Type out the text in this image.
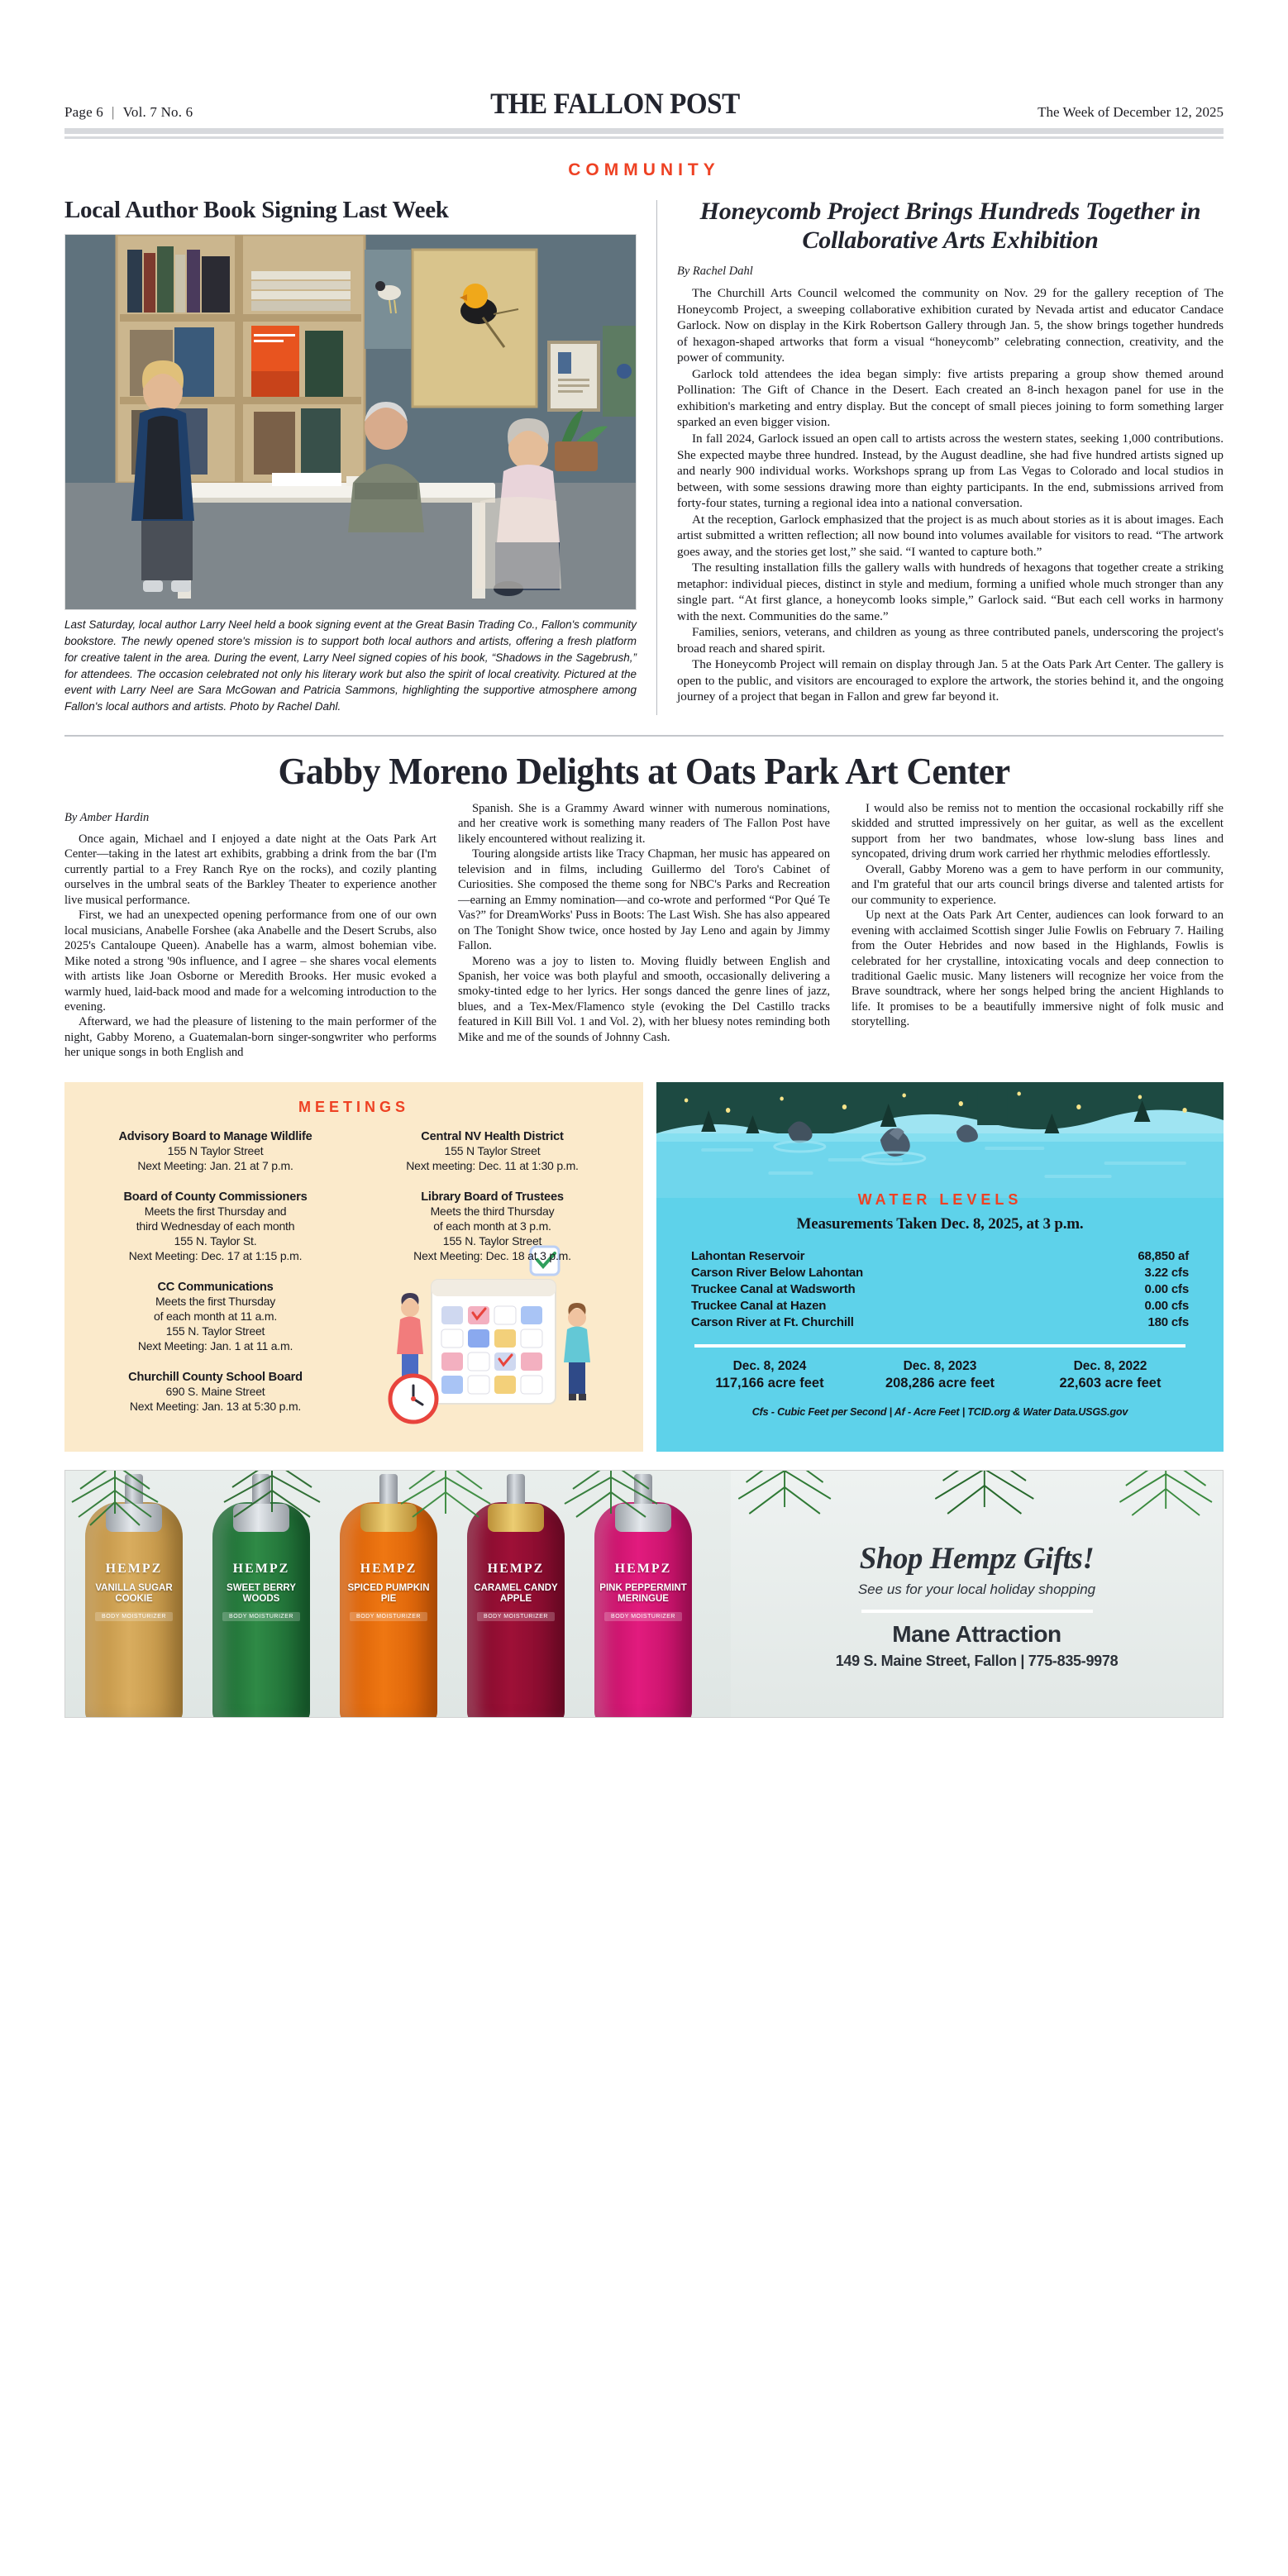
Page 6 | Vol. 7 No. 6	THE FALLON POST	The Week of December 12, 2025
COMMUNITY
Local Author Book Signing Last Week
Last Saturday, local author Larry Neel held a book signing event at the Great Basin Trading Co., Fallon's community bookstore. The newly opened store's mission is to support both local authors and artists, offering a fresh platform for creative talent in the area. During the event, Larry Neel signed copies of his book, “Shadows in the Sagebrush,” for attendees. The occasion celebrated not only his literary work but also the spirit of local creativity. Pictured at the event with Larry Neel are Sara McGowan and Patricia Sammons, highlighting the supportive atmosphere among Fallon's local authors and artists. Photo by Rachel Dahl.
Honeycomb Project Brings Hundreds Together in Collaborative Arts Exhibition
By Rachel Dahl

The Churchill Arts Council welcomed the community on Nov. 29 for the gallery reception of The Honeycomb Project, a sweeping collaborative exhibition curated by Nevada artist and educator Candace Garlock. Now on display in the Kirk Robertson Gallery through Jan. 5, the show brings together hundreds of hexagon-shaped artworks that form a visual “honeycomb” celebrating connection, creativity, and the power of community.

Garlock told attendees the idea began simply: five artists preparing a group show themed around Pollination: The Gift of Chance in the Desert. Each created an 8-inch hexagon panel for use in the exhibition's marketing and entry display. But the concept of small pieces joining to form something larger sparked an even bigger vision.

In fall 2024, Garlock issued an open call to artists across the western states, seeking 1,000 contributions. She expected maybe three hundred. Instead, by the August deadline, she had five hundred artists signed up and nearly 900 individual works. Workshops sprang up from Las Vegas to Colorado and local studios in between, with some sessions drawing more than eighty participants. In the end, submissions arrived from forty-four states, turning a regional idea into a national conversation.

At the reception, Garlock emphasized that the project is as much about stories as it is about images. Each artist submitted a written reflection; all now bound into volumes available for visitors to read. “The artwork goes away, and the stories get lost,” she said. “I wanted to capture both.”

The resulting installation fills the gallery walls with hundreds of hexagons that together create a striking metaphor: individual pieces, distinct in style and medium, forming a unified whole much stronger than any single part. “At first glance, a honeycomb looks simple,” Garlock said. “But each cell works in harmony with the next. Communities do the same.”

Families, seniors, veterans, and children as young as three contributed panels, underscoring the project's broad reach and shared spirit.

The Honeycomb Project will remain on display through Jan. 5 at the Oats Park Art Center. The gallery is open to the public, and visitors are encouraged to explore the artwork, the stories behind it, and the ongoing journey of a project that began in Fallon and grew far beyond it.

Gabby Moreno Delights at Oats Park Art Center
By Amber Hardin

Once again, Michael and I enjoyed a date night at the Oats Park Art Center—taking in the latest art exhibits, grabbing a drink from the bar (I'm currently partial to a Frey Ranch Rye on the rocks), and cozily planting ourselves in the umbral seats of the Barkley Theater to experience another live musical performance.

First, we had an unexpected opening performance from one of our own local musicians, Anabelle Forshee (aka Anabelle and the Desert Scrubs, also 2025's Cantaloupe Queen). Anabelle has a warm, almost bohemian vibe. Mike noted a strong '90s influence, and I agree – she shares vocal elements with artists like Joan Osborne or Meredith Brooks. Her music evoked a warmly hued, laid-back mood and made for a welcoming introduction to the evening.

Afterward, we had the pleasure of listening to the main performer of the night, Gabby Moreno, a Guatemalan-born singer-songwriter who performs her unique songs in both English and

Spanish. She is a Grammy Award winner with numerous nominations, and her creative work is something many readers of The Fallon Post have likely encountered without realizing it.

Touring alongside artists like Tracy Chapman, her music has appeared on television and in films, including Guillermo del Toro's Cabinet of Curiosities. She composed the theme song for NBC's Parks and Recreation—earning an Emmy nomination—and co-wrote and performed “Por Qué Te Vas?” for DreamWorks' Puss in Boots: The Last Wish. She has also appeared on The Tonight Show twice, once hosted by Jay Leno and again by Jimmy Fallon.

Moreno was a joy to listen to. Moving fluidly between English and Spanish, her voice was both playful and smooth, occasionally delivering a smoky-tinted edge to her lyrics. Her songs danced the genre lines of jazz, blues, and a Tex-Mex/Flamenco style (evoking the Del Castillo tracks featured in Kill Bill Vol. 1 and Vol. 2), with her bluesy notes reminding both Mike and me of the sounds of Johnny Cash.

I would also be remiss not to mention the occasional rockabilly riff she skidded and strutted impressively on her guitar, as well as the excellent support from her two bandmates, whose low-slung bass lines and syncopated, driving drum work carried her rhythmic melodies effortlessly.

Overall, Gabby Moreno was a gem to have perform in our community, and I'm grateful that our arts council brings diverse and talented artists for our community to experience.

Up next at the Oats Park Art Center, audiences can look forward to an evening with acclaimed Scottish singer Julie Fowlis on February 7. Hailing from the Outer Hebrides and now based in the Highlands, Fowlis is celebrated for her crystalline, intoxicating vocals and deep connection to traditional Gaelic music. Many listeners will recognize her voice from the Brave soundtrack, where her songs helped bring the ancient Highlands to life. It promises to be a beautifully immersive night of folk music and storytelling.

MEETINGS
Advisory Board to Manage Wildlife
155 N Taylor Street
Next Meeting: Jan. 21 at 7 p.m.
Board of County Commissioners
Meets the first Thursday and
third Wednesday of each month
155 N. Taylor St.
Next Meeting: Dec. 17 at 1:15 p.m.
CC Communications
Meets the first Thursday
of each month at 11 a.m.
155 N. Taylor Street
Next Meeting: Jan. 1 at 11 a.m.
Churchill County School Board
690 S. Maine Street
Next Meeting: Jan. 13 at 5:30 p.m.
Central NV Health District
155 N Taylor Street
Next meeting: Dec. 11 at 1:30 p.m.
Library Board of Trustees
Meets the third Thursday
of each month at 3 p.m.
155 N. Taylor Street
Next Meeting: Dec. 18 at 3 p.m.
WATER LEVELS
Measurements Taken Dec. 8, 2025, at 3 p.m.
Lahontan Reservoir	68,850 af
Carson River Below Lahontan	3.22 cfs
Truckee Canal at Wadsworth	0.00 cfs
Truckee Canal at Hazen	0.00 cfs
Carson River at Ft. Churchill	180 cfs
Dec. 8, 2024
117,166 acre feet
Dec. 8, 2023
208,286 acre feet
Dec. 8, 2022
22,603 acre feet
Cfs - Cubic Feet per Second | Af - Acre Feet | TCID.org & Water Data.USGS.gov
HEMPZ
VANILLA SUGAR COOKIE
BODY MOISTURIZER
HEMPZ
SWEET BERRY WOODS
BODY MOISTURIZER
HEMPZ
SPICED PUMPKIN PIE
BODY MOISTURIZER
HEMPZ
CARAMEL CANDY APPLE
BODY MOISTURIZER
HEMPZ
PINK PEPPERMINT MERINGUE
BODY MOISTURIZER
Shop Hempz Gifts!
See us for your local holiday shopping
Mane Attraction
149 S. Maine Street, Fallon | 775-835-9978
